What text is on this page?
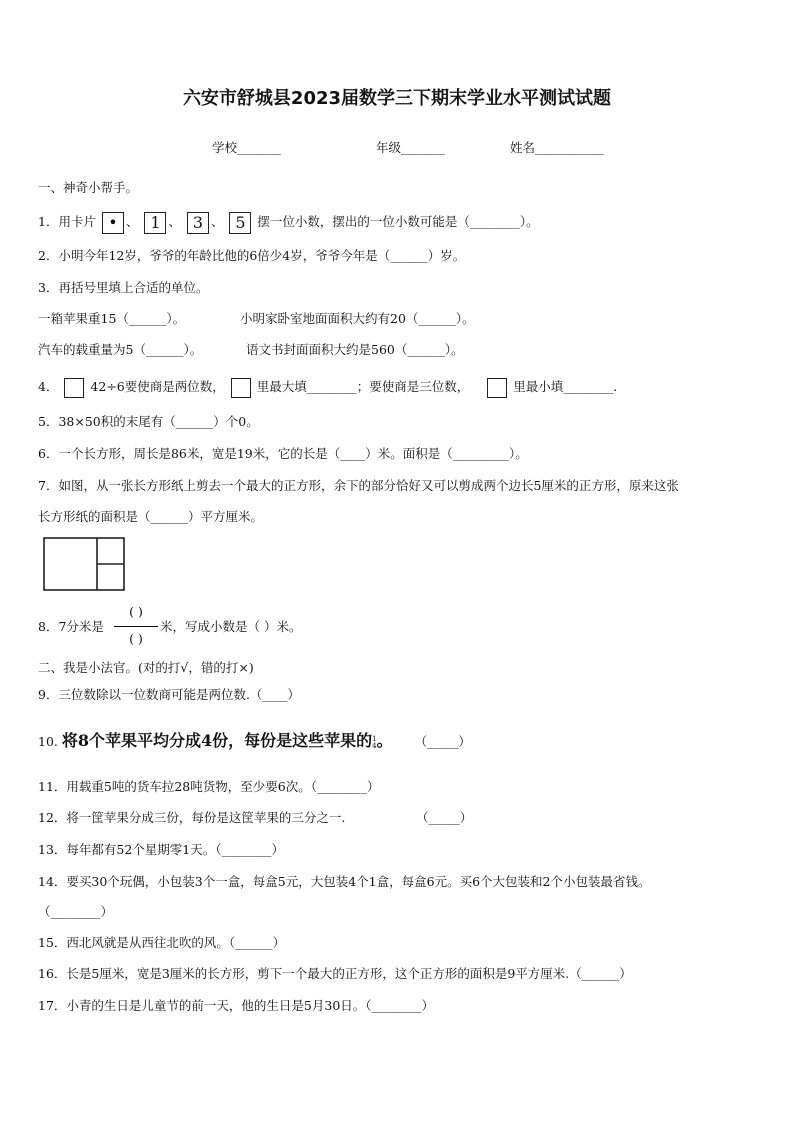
六安市舒城县2023届数学三下期末学业水平测试试题
学校_______	年级_______	姓名___________
一、神奇小帮手。
1．用卡片 • 、 1 、 3 、 5 摆一位小数，摆出的一位小数可能是（________）。
2．小明今年12岁，爷爷的年龄比他的6倍少4岁，爷爷今年是（______）岁。
3．再括号里填上合适的单位。
一箱苹果重15（______）。	小明家卧室地面面积大约有20（______）。
汽车的载重量为5（______）。	语文书封面面积大约是560（______）。
4．	42÷6要使商是两位数，	里最大填________；要使商是三位数，	里最小填________.
5．38×50积的末尾有（______）个0。
6．一个长方形，周长是86米，宽是19米，它的长是（____）米。面积是（_________）。
7．如图，从一张长方形纸上剪去一个最大的正方形，余下的部分恰好又可以剪成两个边长5厘米的正方形，原来这张
长方形纸的面积是（______）平方厘米。
8．7分米是
( )
( )
米，写成小数是（ ）米。
二、我是小法官。(对的打√，错的打×)
9．三位数除以一位数商可能是两位数.（____）
10. 将8个苹果平均分成4份，每份是这些苹果的1
4。 （_____）
11．用载重5吨的货车拉28吨货物，至少要6次。（________）
12．将一筐苹果分成三份，每份是这筐苹果的三分之一.	（_____）
13．每年都有52个星期零1天。（________）
14．要买30个玩偶，小包装3个一盒，每盒5元，大包装4个1盒，每盒6元。买6个大包装和2个小包装最省钱。
（________）
15．西北风就是从西往北吹的风。（______）
16．长是5厘米，宽是3厘米的长方形，剪下一个最大的正方形，这个正方形的面积是9平方厘米.（______）
17．小青的生日是儿童节的前一天，他的生日是5月30日。（________）
